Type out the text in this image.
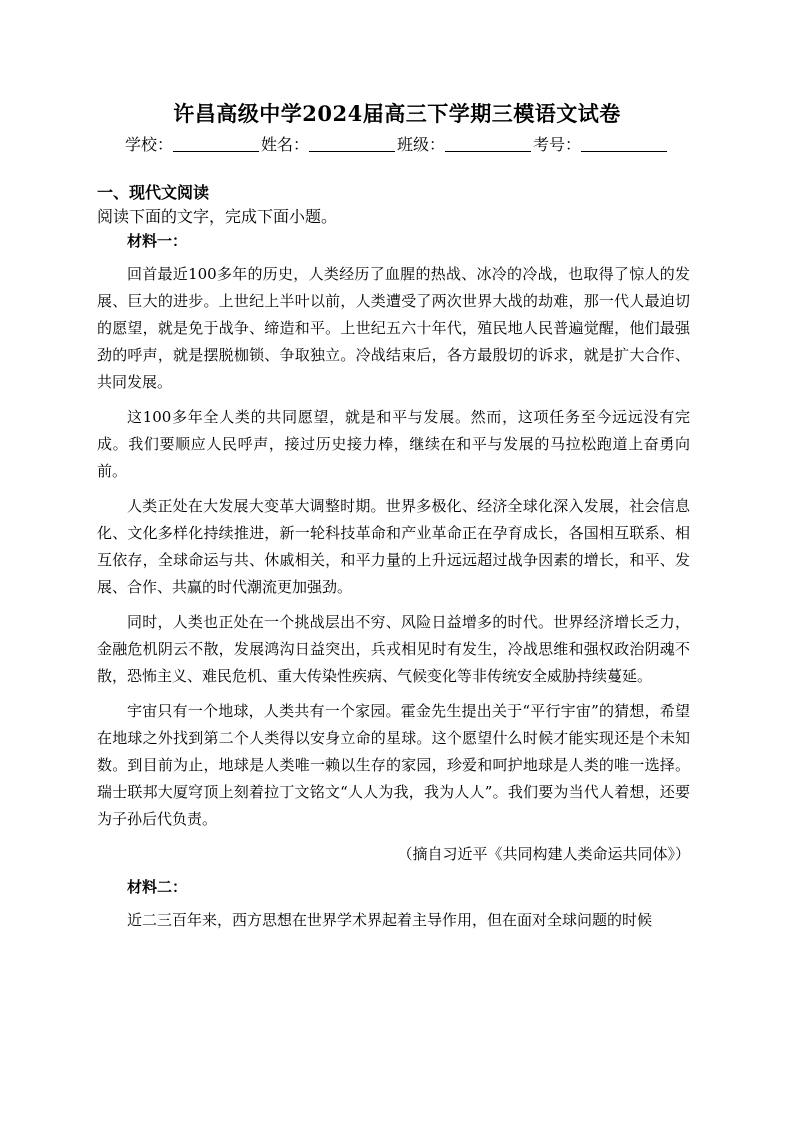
许昌高级中学2024届高三下学期三模语文试卷
学校：	姓名：	班级：	考号：
一、现代文阅读
阅读下面的文字，完成下面小题。

材料一：

回首最近100多年的历史，人类经历了血腥的热战、冰冷的冷战，也取得了惊人的发展、巨大的进步。上世纪上半叶以前，人类遭受了两次世界大战的劫难，那一代人最迫切的愿望，就是免于战争、缔造和平。上世纪五六十年代，殖民地人民普遍觉醒，他们最强劲的呼声，就是摆脱枷锁、争取独立。冷战结束后，各方最殷切的诉求，就是扩大合作、共同发展。

这100多年全人类的共同愿望，就是和平与发展。然而，这项任务至今远远没有完成。我们要顺应人民呼声，接过历史接力棒，继续在和平与发展的马拉松跑道上奋勇向前。

人类正处在大发展大变革大调整时期。世界多极化、经济全球化深入发展，社会信息化、文化多样化持续推进，新一轮科技革命和产业革命正在孕育成长，各国相互联系、相互依存，全球命运与共、休戚相关，和平力量的上升远远超过战争因素的增长，和平、发展、合作、共赢的时代潮流更加强劲。

同时，人类也正处在一个挑战层出不穷、风险日益增多的时代。世界经济增长乏力，金融危机阴云不散，发展鸿沟日益突出，兵戎相见时有发生，冷战思维和强权政治阴魂不散，恐怖主义、难民危机、重大传染性疾病、气候变化等非传统安全威胁持续蔓延。

宇宙只有一个地球，人类共有一个家园。霍金先生提出关于“平行宇宙”的猜想，希望在地球之外找到第二个人类得以安身立命的星球。这个愿望什么时候才能实现还是个未知数。到目前为止，地球是人类唯一赖以生存的家园，珍爱和呵护地球是人类的唯一选择。瑞士联邦大厦穹顶上刻着拉丁文铭文“人人为我，我为人人”。我们要为当代人着想，还要为子孙后代负责。

（摘自习近平《共同构建人类命运共同体》）

材料二：

近二三百年来，西方思想在世界学术界起着主导作用，但在面对全球问题的时候
